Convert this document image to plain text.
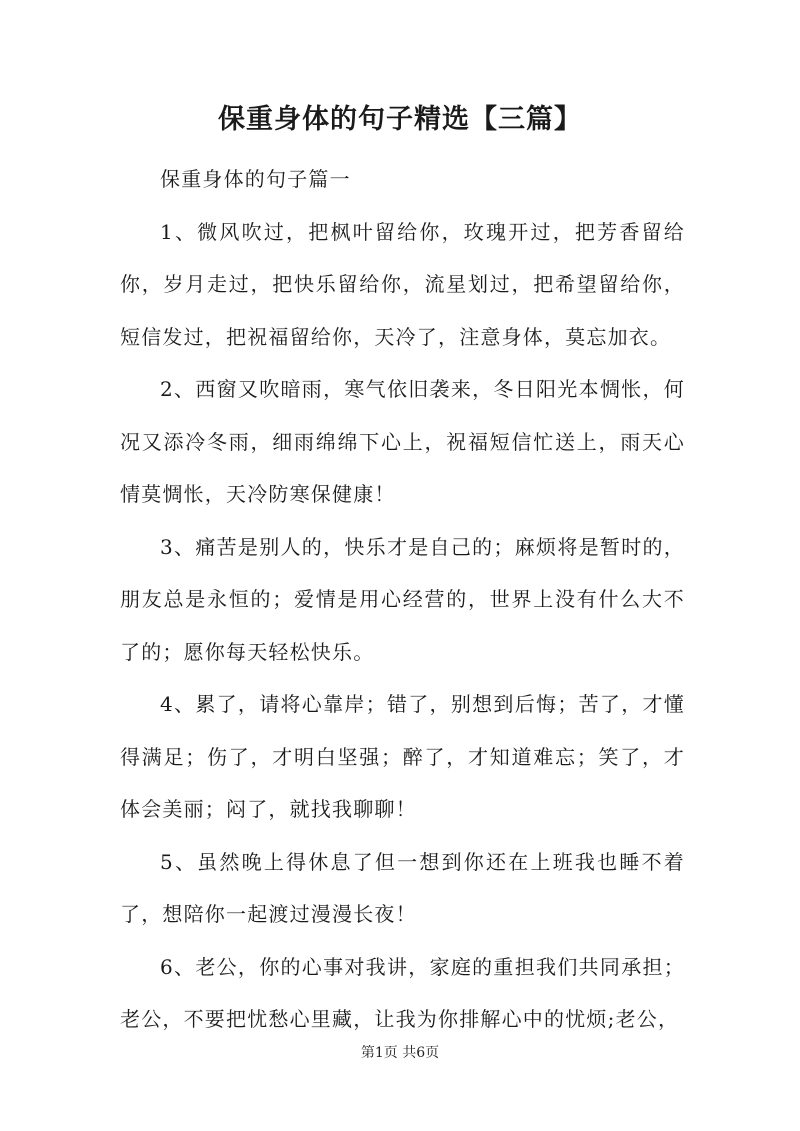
保重身体的句子精选【三篇】

保重身体的句子篇一

1、微风吹过，把枫叶留给你，玫瑰开过，把芳香留给你，岁月走过，把快乐留给你，流星划过，把希望留给你，短信发过，把祝福留给你，天冷了，注意身体，莫忘加衣。

2、西窗又吹暗雨，寒气依旧袭来，冬日阳光本惆怅，何况又添冷冬雨，细雨绵绵下心上，祝福短信忙送上，雨天心情莫惆怅，天冷防寒保健康！

3、痛苦是别人的，快乐才是自己的；麻烦将是暂时的，朋友总是永恒的；爱情是用心经营的，世界上没有什么大不了的；愿你每天轻松快乐。

4、累了，请将心靠岸；错了，别想到后悔；苦了，才懂得满足；伤了，才明白坚强；醉了，才知道难忘；笑了，才体会美丽；闷了，就找我聊聊！

5、虽然晚上得休息了但一想到你还在上班我也睡不着了，想陪你一起渡过漫漫长夜！

6、老公，你的心事对我讲，家庭的重担我们共同承担；老公，不要把忧愁心里藏，让我为你排解心中的忧烦;老公，

第1页 共6页
